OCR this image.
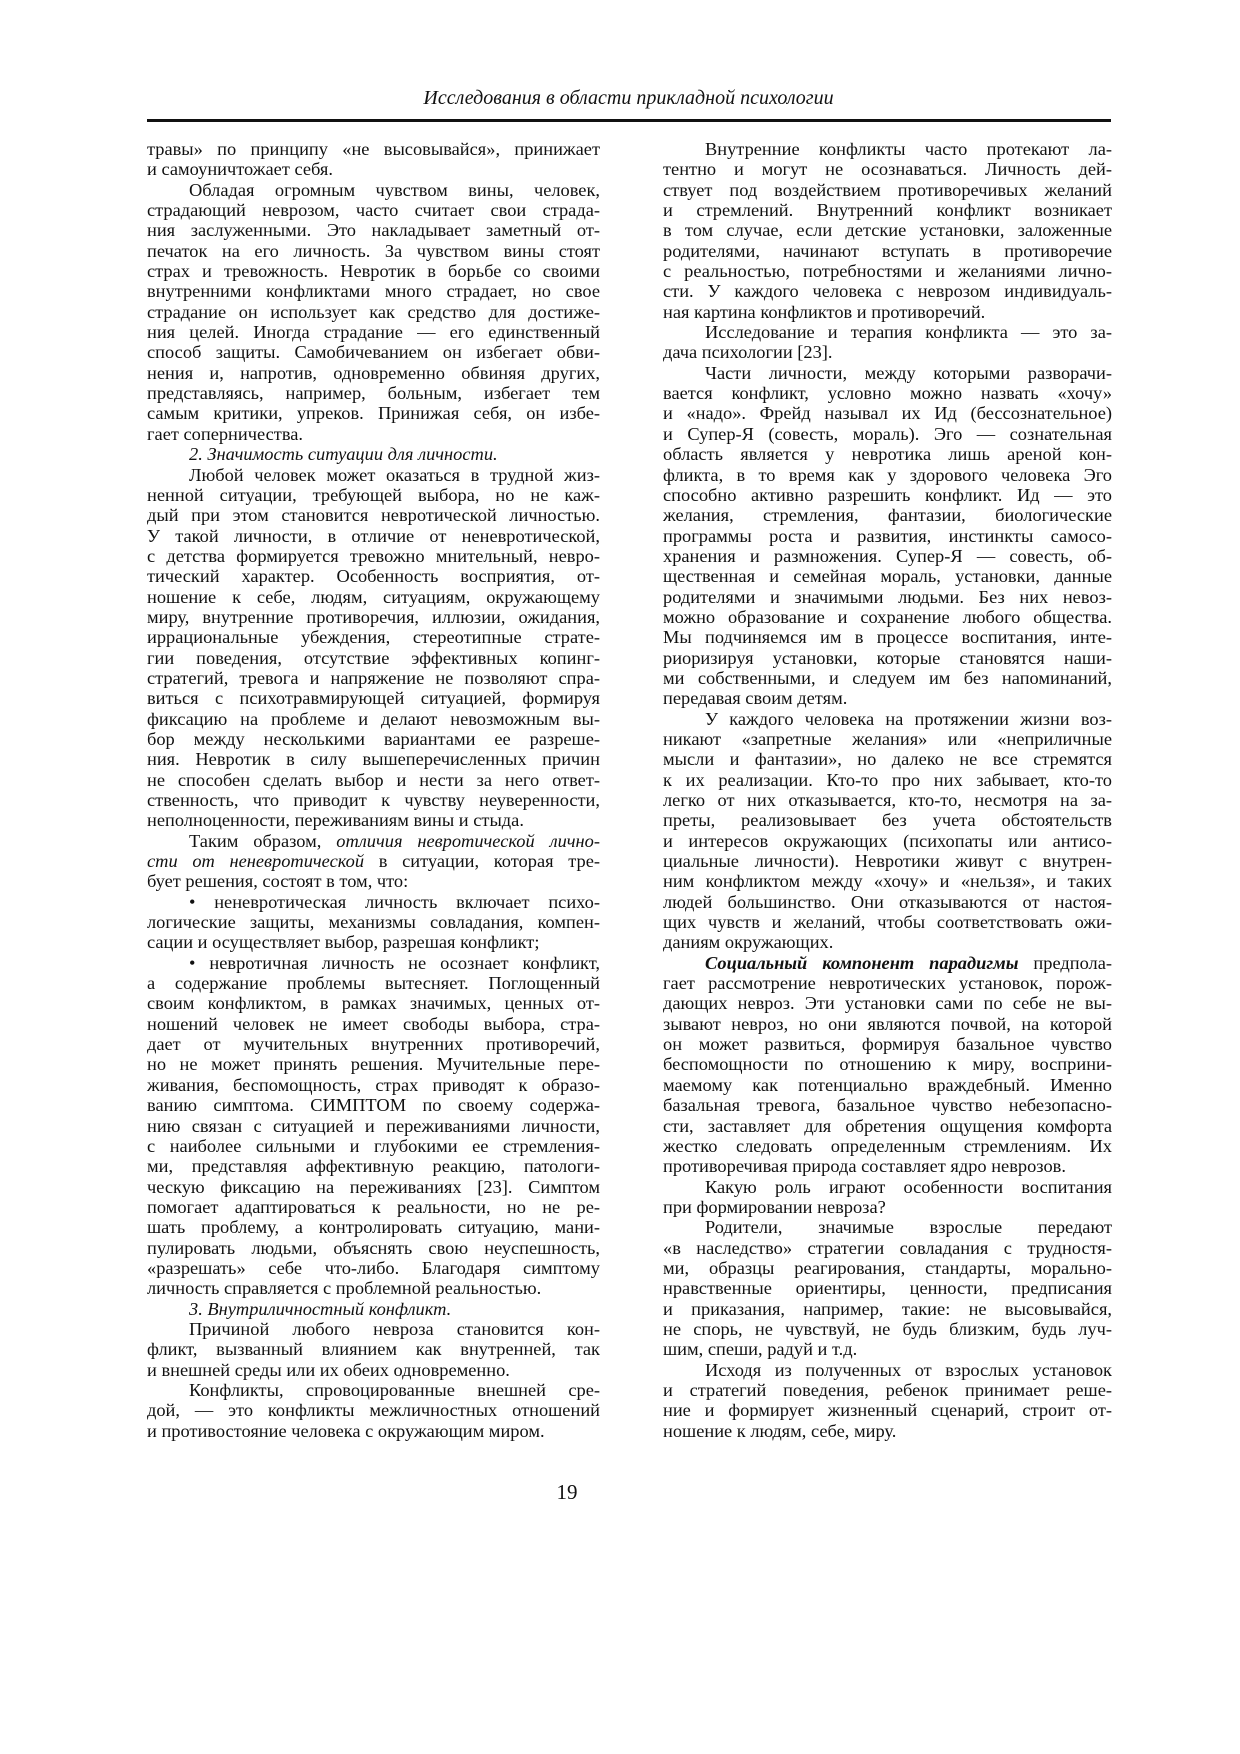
Исследования в области прикладной психологии
травы» по принципу «не высовывайся», принижает
и самоуничтожает себя.
Обладая огромным чувством вины, человек,
страдающий неврозом, часто считает свои страда-
ния заслуженными. Это накладывает заметный от-
печаток на его личность. За чувством вины стоят
страх и тревожность. Невротик в борьбе со своими
внутренними конфликтами много страдает, но свое
страдание он использует как средство для достиже-
ния целей. Иногда страдание — его единственный
способ защиты. Самобичеванием он избегает обви-
нения и, напротив, одновременно обвиняя других,
представляясь, например, больным, избегает тем
самым критики, упреков. Принижая себя, он избе-
гает соперничества.
2. Значимость ситуации для личности.
Любой человек может оказаться в трудной жиз-
ненной ситуации, требующей выбора, но не каж-
дый при этом становится невротической личностью.
У такой личности, в отличие от неневротической,
с детства формируется тревожно мнительный, невро-
тический характер. Особенность восприятия, от-
ношение к себе, людям, ситуациям, окружающему
миру, внутренние противоречия, иллюзии, ожидания,
иррациональные убеждения, стереотипные страте-
гии поведения, отсутствие эффективных копинг-
стратегий, тревога и напряжение не позволяют спра-
виться с психотравмирующей ситуацией, формируя
фиксацию на проблеме и делают невозможным вы-
бор между несколькими вариантами ее разреше-
ния. Невротик в силу вышеперечисленных причин
не способен сделать выбор и нести за него ответ-
ственность, что приводит к чувству неуверенности,
неполноценности, переживаниям вины и стыда.
Таким образом, отличия невротической лично-
сти от неневротической в ситуации, которая тре-
бует решения, состоят в том, что:
• неневротическая личность включает психо-
логические защиты, механизмы совладания, компен-
сации и осуществляет выбор, разрешая конфликт;
• невротичная личность не осознает конфликт,
а содержание проблемы вытесняет. Поглощенный
своим конфликтом, в рамках значимых, ценных от-
ношений человек не имеет свободы выбора, стра-
дает от мучительных внутренних противоречий,
но не может принять решения. Мучительные пере-
живания, беспомощность, страх приводят к образо-
ванию симптома. СИМПТОМ по своему содержа-
нию связан с ситуацией и переживаниями личности,
с наиболее сильными и глубокими ее стремления-
ми, представляя аффективную реакцию, патологи-
ческую фиксацию на переживаниях [23]. Симптом
помогает адаптироваться к реальности, но не ре-
шать проблему, а контролировать ситуацию, мани-
пулировать людьми, объяснять свою неуспешность,
«разрешать» себе что-либо. Благодаря симптому
личность справляется с проблемной реальностью.
3. Внутриличностный конфликт.
Причиной любого невроза становится кон-
фликт, вызванный влиянием как внутренней, так
и внешней среды или их обеих одновременно.
Конфликты, спровоцированные внешней сре-
дой, — это конфликты межличностных отношений
и противостояние человека с окружающим миром.
Внутренние конфликты часто протекают ла-
тентно и могут не осознаваться. Личность дей-
ствует под воздействием противоречивых желаний
и стремлений. Внутренний конфликт возникает
в том случае, если детские установки, заложенные
родителями, начинают вступать в противоречие
с реальностью, потребностями и желаниями лично-
сти. У каждого человека с неврозом индивидуаль-
ная картина конфликтов и противоречий.
Исследование и терапия конфликта — это за-
дача психологии [23].
Части личности, между которыми разворачи-
вается конфликт, условно можно назвать «хочу»
и «надо». Фрейд называл их Ид (бессознательное)
и Супер-Я (совесть, мораль). Эго — сознательная
область является у невротика лишь ареной кон-
фликта, в то время как у здорового человека Эго
способно активно разрешить конфликт. Ид — это
желания, стремления, фантазии, биологические
программы роста и развития, инстинкты самосо-
хранения и размножения. Супер-Я — совесть, об-
щественная и семейная мораль, установки, данные
родителями и значимыми людьми. Без них невоз-
можно образование и сохранение любого общества.
Мы подчиняемся им в процессе воспитания, инте-
риоризируя установки, которые становятся наши-
ми собственными, и следуем им без напоминаний,
передавая своим детям.
У каждого человека на протяжении жизни воз-
никают «запретные желания» или «неприличные
мысли и фантазии», но далеко не все стремятся
к их реализации. Кто-то про них забывает, кто-то
легко от них отказывается, кто-то, несмотря на за-
преты, реализовывает без учета обстоятельств
и интересов окружающих (психопаты или антисо-
циальные личности). Невротики живут с внутрен-
ним конфликтом между «хочу» и «нельзя», и таких
людей большинство. Они отказываются от настоя-
щих чувств и желаний, чтобы соответствовать ожи-
даниям окружающих.
Социальный компонент парадигмы предпола-
гает рассмотрение невротических установок, порож-
дающих невроз. Эти установки сами по себе не вы-
зывают невроз, но они являются почвой, на которой
он может развиться, формируя базальное чувство
беспомощности по отношению к миру, восприни-
маемому как потенциально враждебный. Именно
базальная тревога, базальное чувство небезопасно-
сти, заставляет для обретения ощущения комфорта
жестко следовать определенным стремлениям. Их
противоречивая природа составляет ядро неврозов.
Какую роль играют особенности воспитания
при формировании невроза?
Родители, значимые взрослые передают
«в наследство» стратегии совладания с трудностя-
ми, образцы реагирования, стандарты, морально-
нравственные ориентиры, ценности, предписания
и приказания, например, такие: не высовывайся,
не спорь, не чувствуй, не будь близким, будь луч-
шим, спеши, радуй и т.д.
Исходя из полученных от взрослых установок
и стратегий поведения, ребенок принимает реше-
ние и формирует жизненный сценарий, строит от-
ношение к людям, себе, миру.
19
